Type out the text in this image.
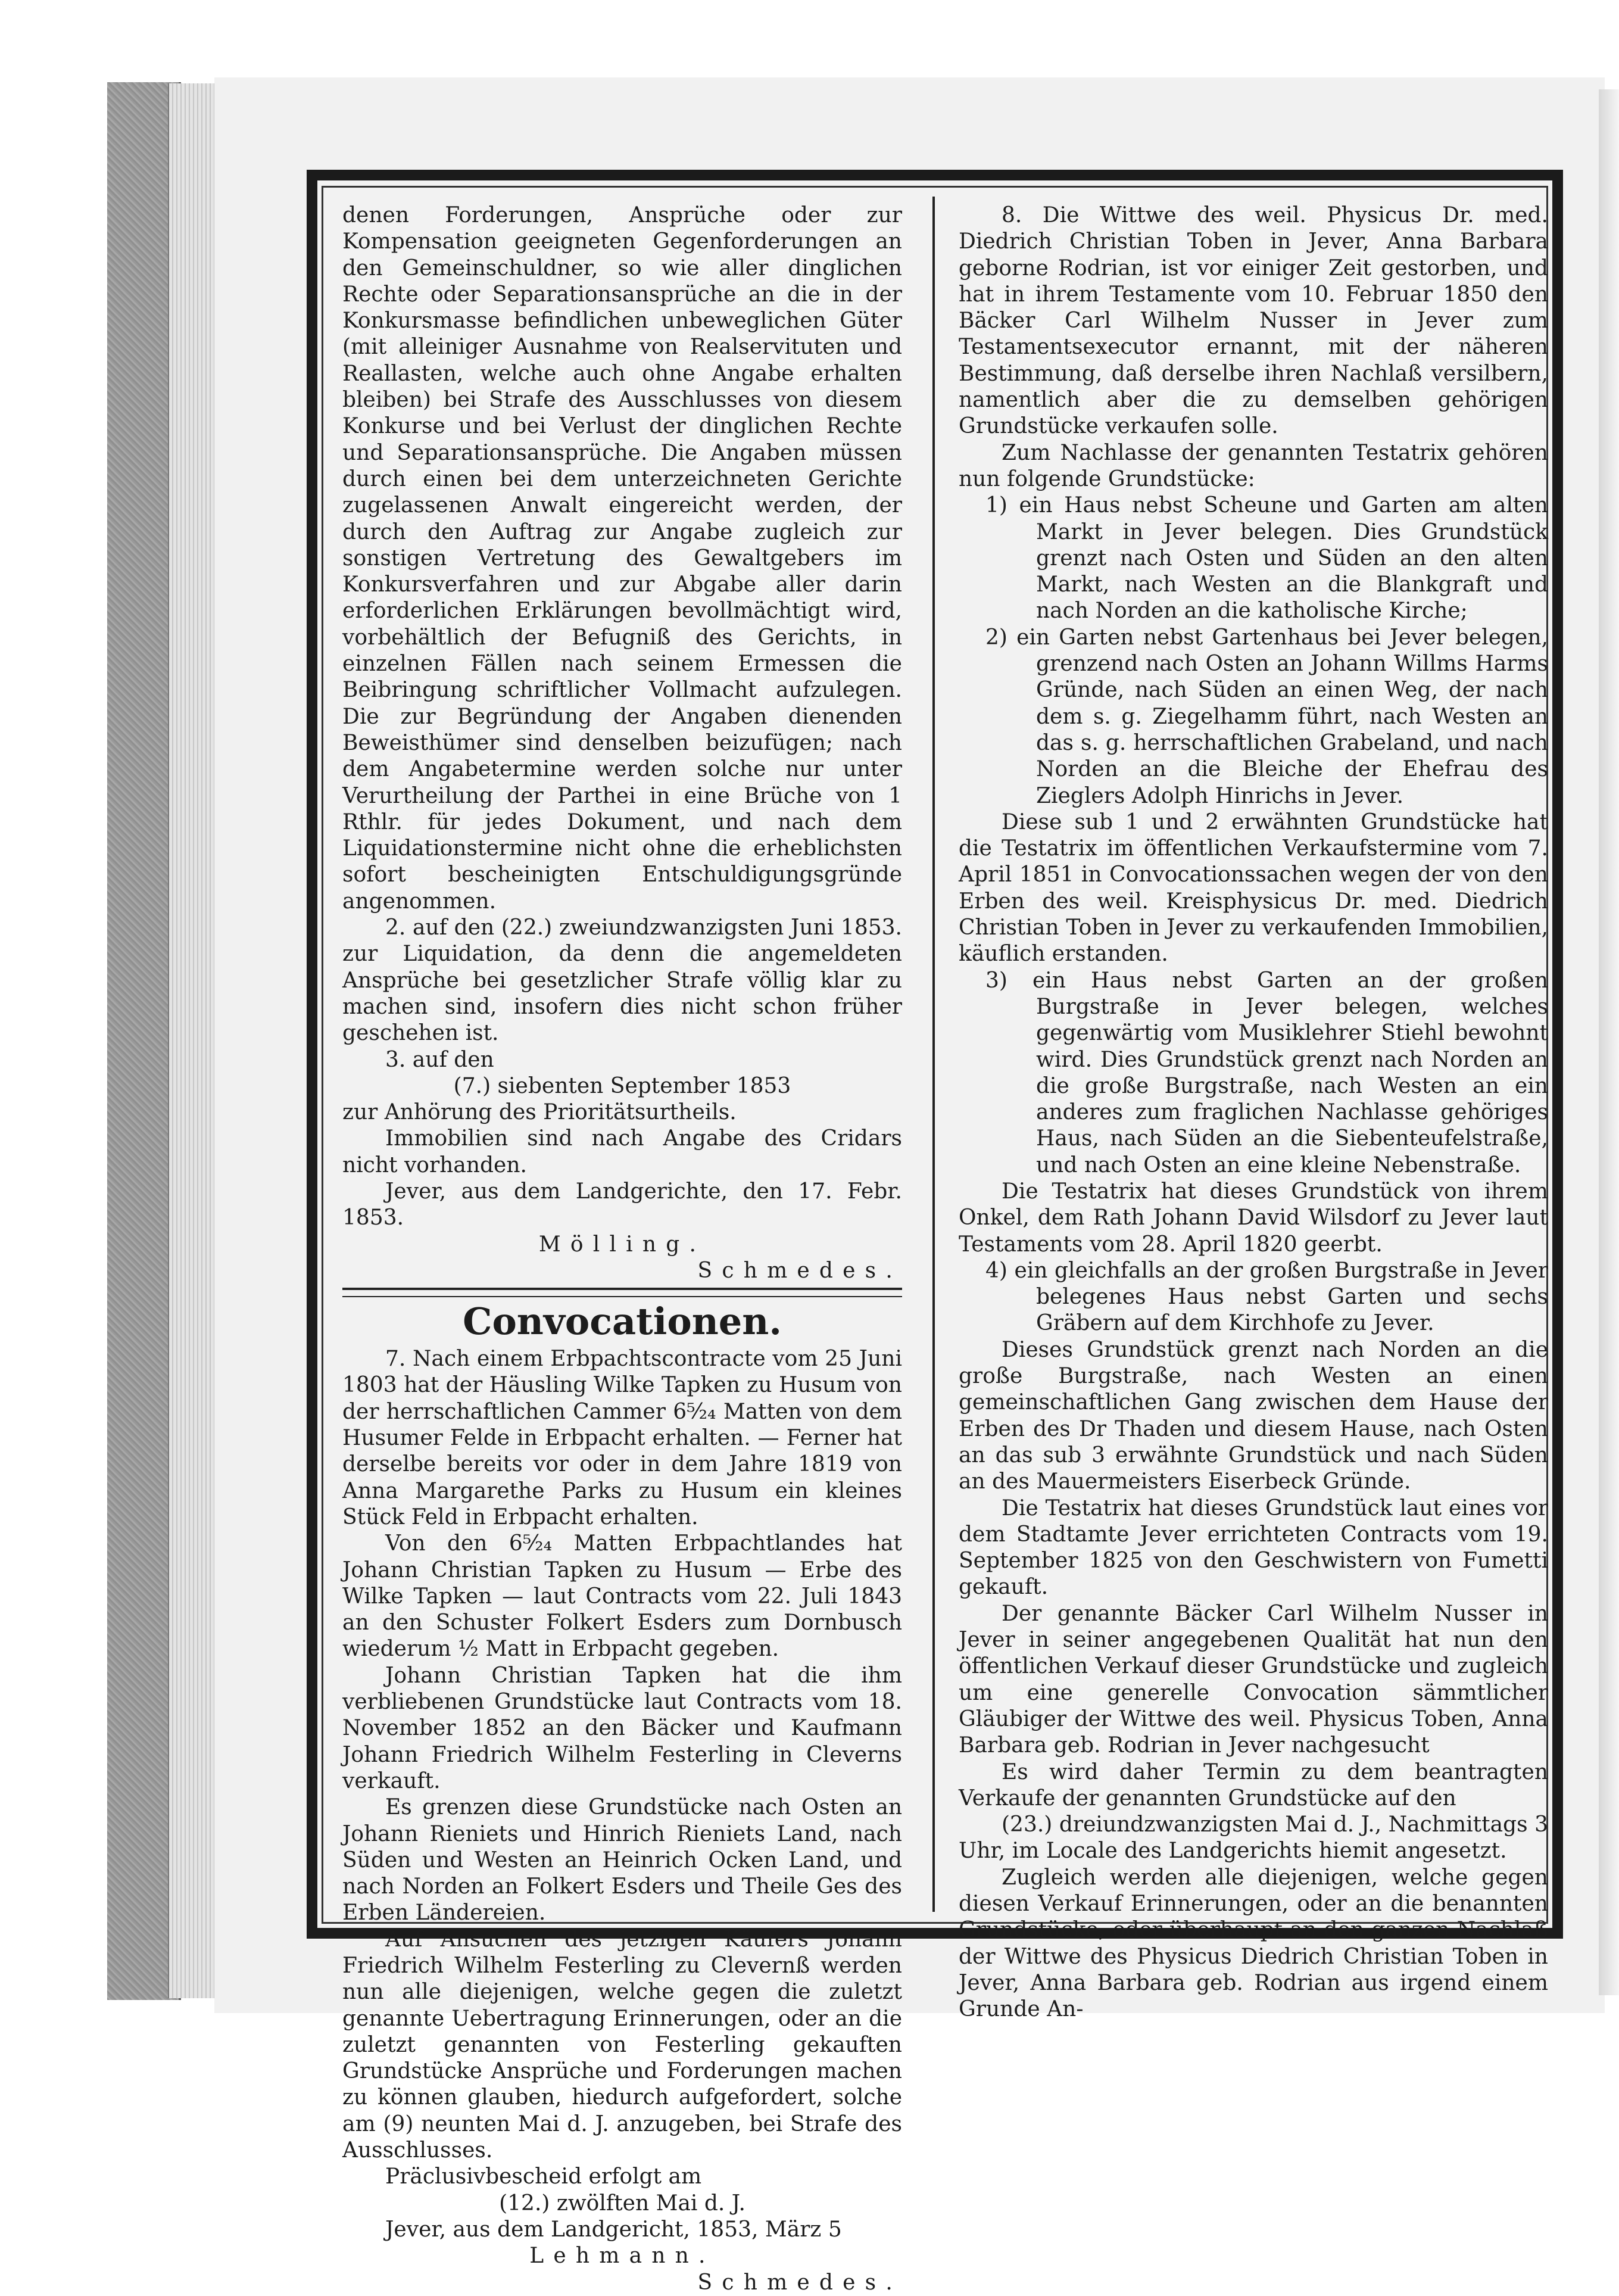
denen Forderungen, Ansprüche oder zur Kompensation geeigneten Gegenforderungen an den Gemeinschuldner, so wie aller dinglichen Rechte oder Separationsansprüche an die in der Konkursmasse befindlichen unbeweglichen Güter (mit alleiniger Ausnahme von Realservituten und Reallasten, welche auch ohne Angabe erhalten bleiben) bei Strafe des Ausschlusses von diesem Konkurse und bei Verlust der dinglichen Rechte und Separationsansprüche. Die Angaben müssen durch einen bei dem unterzeichneten Gerichte zugelassenen Anwalt eingereicht werden, der durch den Auftrag zur Angabe zugleich zur sonstigen Vertretung des Gewaltgebers im Konkursverfahren und zur Abgabe aller darin erforderlichen Erklärungen bevollmächtigt wird, vorbehältlich der Befugniß des Gerichts, in einzelnen Fällen nach seinem Ermessen die Beibringung schriftlicher Vollmacht aufzulegen. Die zur Begründung der Angaben dienenden Beweisthümer sind denselben beizufügen; nach dem Angabetermine werden solche nur unter Verurtheilung der Parthei in eine Brüche von 1 Rthlr. für jedes Dokument, und nach dem Liquidationstermine nicht ohne die erheblichsten sofort bescheinigten Entschuldigungsgründe angenommen.

2. auf den (22.) zweiundzwanzigsten Juni 1853. zur Liquidation, da denn die angemeldeten Ansprüche bei gesetzlicher Strafe völlig klar zu machen sind, insofern dies nicht schon früher geschehen ist.

3. auf den

(7.) siebenten September 1853

zur Anhörung des Prioritätsurtheils.

Immobilien sind nach Angabe des Cridars nicht vorhanden.

Jever, aus dem Landgerichte, den 17. Febr. 1853.

Mölling.

Schmedes.

Convocationen.

7. Nach einem Erbpachtscontracte vom 25 Juni 1803 hat der Häusling Wilke Tapken zu Husum von der herrschaftlichen Cammer 6⁵⁄₂₄ Matten von dem Husumer Felde in Erbpacht erhalten. — Ferner hat derselbe bereits vor oder in dem Jahre 1819 von Anna Margarethe Parks zu Husum ein kleines Stück Feld in Erbpacht erhalten.

Von den 6⁵⁄₂₄ Matten Erbpachtlandes hat Johann Christian Tapken zu Husum — Erbe des Wilke Tapken — laut Contracts vom 22. Juli 1843 an den Schuster Folkert Esders zum Dornbusch wiederum ½ Matt in Erbpacht gegeben.

Johann Christian Tapken hat die ihm verbliebenen Grundstücke laut Contracts vom 18. November 1852 an den Bäcker und Kaufmann Johann Friedrich Wilhelm Festerling in Cleverns verkauft.

Es grenzen diese Grundstücke nach Osten an Johann Rieniets und Hinrich Rieniets Land, nach Süden und Westen an Heinrich Ocken Land, und nach Norden an Folkert Esders und Theile Ges des Erben Ländereien.

Auf Ansuchen des jetzigen Käufers Johann Friedrich Wilhelm Festerling zu Clevernß werden nun alle diejenigen, welche gegen die zuletzt genannte Uebertragung Erinnerungen, oder an die zuletzt genannten von Festerling gekauften Grundstücke Ansprüche und Forderungen machen zu können glauben, hiedurch aufgefordert, solche am (9) neunten Mai d. J. anzugeben, bei Strafe des Ausschlusses.

Präclusivbescheid erfolgt am

(12.) zwölften Mai d. J.

Jever, aus dem Landgericht, 1853, März 5

Lehmann.

Schmedes.

8. Die Wittwe des weil. Physicus Dr. med. Diedrich Christian Toben in Jever, Anna Barbara geborne Rodrian, ist vor einiger Zeit gestorben, und hat in ihrem Testamente vom 10. Februar 1850 den Bäcker Carl Wilhelm Nusser in Jever zum Testamentsexecutor ernannt, mit der näheren Bestimmung, daß derselbe ihren Nachlaß versilbern, namentlich aber die zu demselben gehörigen Grundstücke verkaufen solle.

Zum Nachlasse der genannten Testatrix gehören nun folgende Grundstücke:

1) ein Haus nebst Scheune und Garten am alten Markt in Jever belegen. Dies Grundstück grenzt nach Osten und Süden an den alten Markt, nach Westen an die Blankgraft und nach Norden an die katholische Kirche;

2) ein Garten nebst Gartenhaus bei Jever belegen, grenzend nach Osten an Johann Willms Harms Gründe, nach Süden an einen Weg, der nach dem s. g. Ziegelhamm führt, nach Westen an das s. g. herrschaftlichen Grabeland, und nach Norden an die Bleiche der Ehefrau des Zieglers Adolph Hinrichs in Jever.

Diese sub 1 und 2 erwähnten Grundstücke hat die Testatrix im öffentlichen Verkaufstermine vom 7. April 1851 in Convocationssachen wegen der von den Erben des weil. Kreisphysicus Dr. med. Diedrich Christian Toben in Jever zu verkaufenden Immobilien, käuflich erstanden.

3) ein Haus nebst Garten an der großen Burgstraße in Jever belegen, welches gegenwärtig vom Musiklehrer Stiehl bewohnt wird. Dies Grundstück grenzt nach Norden an die große Burgstraße, nach Westen an ein anderes zum fraglichen Nachlasse gehöriges Haus, nach Süden an die Siebenteufelstraße, und nach Osten an eine kleine Nebenstraße.

Die Testatrix hat dieses Grundstück von ihrem Onkel, dem Rath Johann David Wilsdorf zu Jever laut Testaments vom 28. April 1820 geerbt.

4) ein gleichfalls an der großen Burgstraße in Jever belegenes Haus nebst Garten und sechs Gräbern auf dem Kirchhofe zu Jever.

Dieses Grundstück grenzt nach Norden an die große Burgstraße, nach Westen an einen gemeinschaftlichen Gang zwischen dem Hause der Erben des Dr Thaden und diesem Hause, nach Osten an das sub 3 erwähnte Grundstück und nach Süden an des Mauermeisters Eiserbeck Gründe.

Die Testatrix hat dieses Grundstück laut eines vor dem Stadtamte Jever errichteten Contracts vom 19. September 1825 von den Geschwistern von Fumetti gekauft.

Der genannte Bäcker Carl Wilhelm Nusser in Jever in seiner angegebenen Qualität hat nun den öffentlichen Verkauf dieser Grundstücke und zugleich um eine generelle Convocation sämmtlicher Gläubiger der Wittwe des weil. Physicus Toben, Anna Barbara geb. Rodrian in Jever nachgesucht

Es wird daher Termin zu dem beantragten Verkaufe der genannten Grundstücke auf den

(23.) dreiundzwanzigsten Mai d. J., Nachmittags 3 Uhr, im Locale des Landgerichts hiemit angesetzt.

Zugleich werden alle diejenigen, welche gegen diesen Verkauf Erinnerungen, oder an die benannten Grundstücke, oder überhaupt an den ganzen Nachlaß der Wittwe des Physicus Diedrich Christian Toben in Jever, Anna Barbara geb. Rodrian aus irgend einem Grunde An-
